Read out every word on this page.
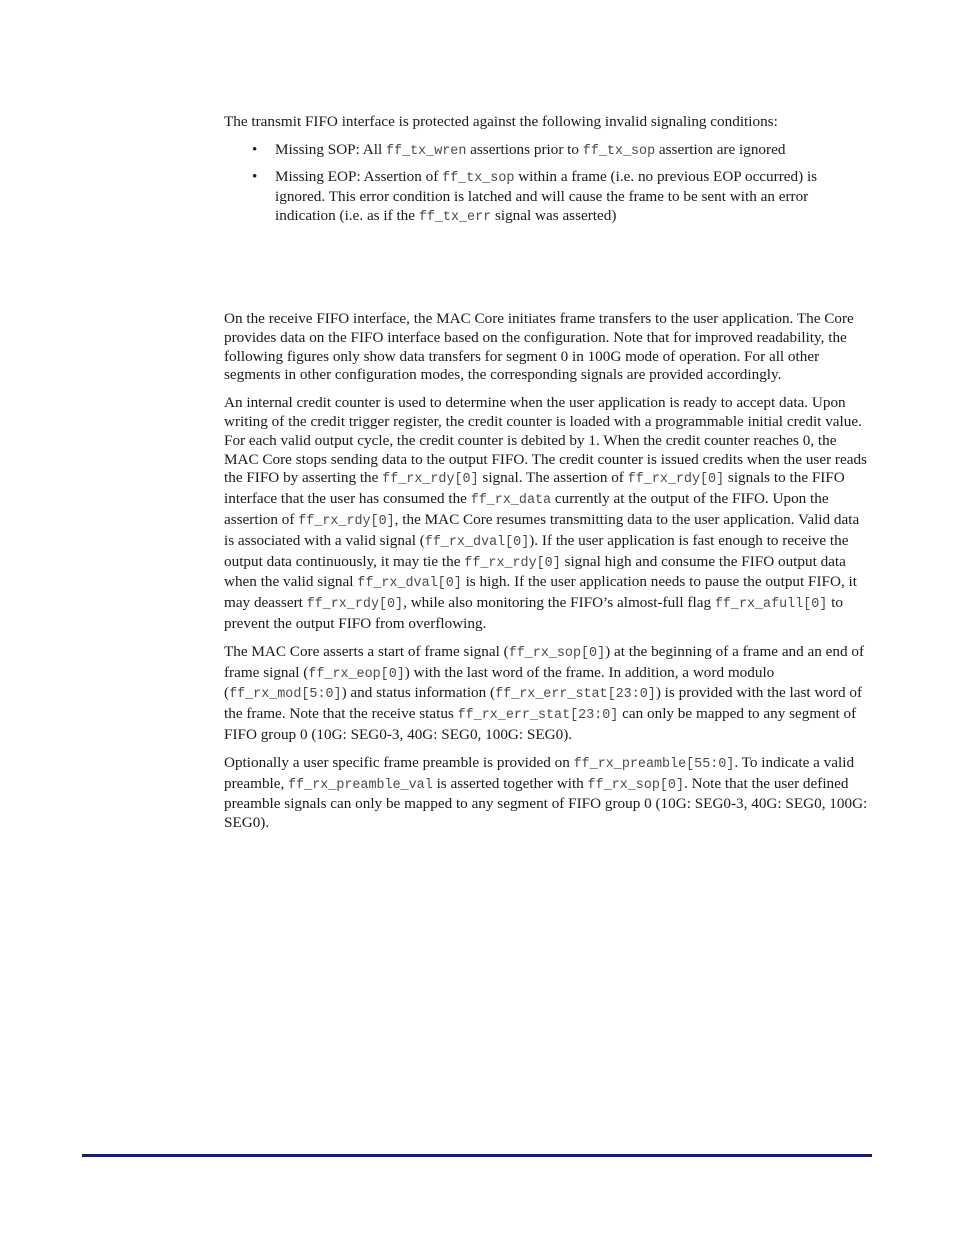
The transmit FIFO interface is protected against the following invalid signaling conditions:

• Missing SOP: All ff_tx_wren assertions prior to ff_tx_sop assertion are ignored
• Missing EOP: Assertion of ff_tx_sop within a frame (i.e. no previous EOP occurred) is ignored. This error condition is latched and will cause the frame to be sent with an error indication (i.e. as if the ff_tx_err signal was asserted)

On the receive FIFO interface, the MAC Core initiates frame transfers to the user application. The Core provides data on the FIFO interface based on the configuration. Note that for improved readability, the following figures only show data transfers for segment 0 in 100G mode of operation. For all other segments in other configuration modes, the corresponding signals are provided accordingly.

An internal credit counter is used to determine when the user application is ready to accept data. Upon writing of the credit trigger register, the credit counter is loaded with a programmable initial credit value. For each valid output cycle, the credit counter is debited by 1. When the credit counter reaches 0, the MAC Core stops sending data to the output FIFO. The credit counter is issued credits when the user reads the FIFO by asserting the ff_rx_rdy[0] signal. The assertion of ff_rx_rdy[0] signals to the FIFO interface that the user has consumed the ff_rx_data currently at the output of the FIFO. Upon the assertion of ff_rx_rdy[0], the MAC Core resumes transmitting data to the user application. Valid data is associated with a valid signal (ff_rx_dval[0]). If the user application is fast enough to receive the output data continuously, it may tie the ff_rx_rdy[0] signal high and consume the FIFO output data when the valid signal ff_rx_dval[0] is high. If the user application needs to pause the output FIFO, it may deassert ff_rx_rdy[0], while also monitoring the FIFO’s almost-full flag ff_rx_afull[0] to prevent the output FIFO from overflowing.

The MAC Core asserts a start of frame signal (ff_rx_sop[0]) at the beginning of a frame and an end of frame signal (ff_rx_eop[0]) with the last word of the frame. In addition, a word modulo (ff_rx_mod[5:0]) and status information (ff_rx_err_stat[23:0]) is provided with the last word of the frame. Note that the receive status ff_rx_err_stat[23:0] can only be mapped to any segment of FIFO group 0 (10G: SEG0-3, 40G: SEG0, 100G: SEG0).

Optionally a user specific frame preamble is provided on ff_rx_preamble[55:0]. To indicate a valid preamble, ff_rx_preamble_val is asserted together with ff_rx_sop[0]. Note that the user defined preamble signals can only be mapped to any segment of FIFO group 0 (10G: SEG0-3, 40G: SEG0, 100G: SEG0).
